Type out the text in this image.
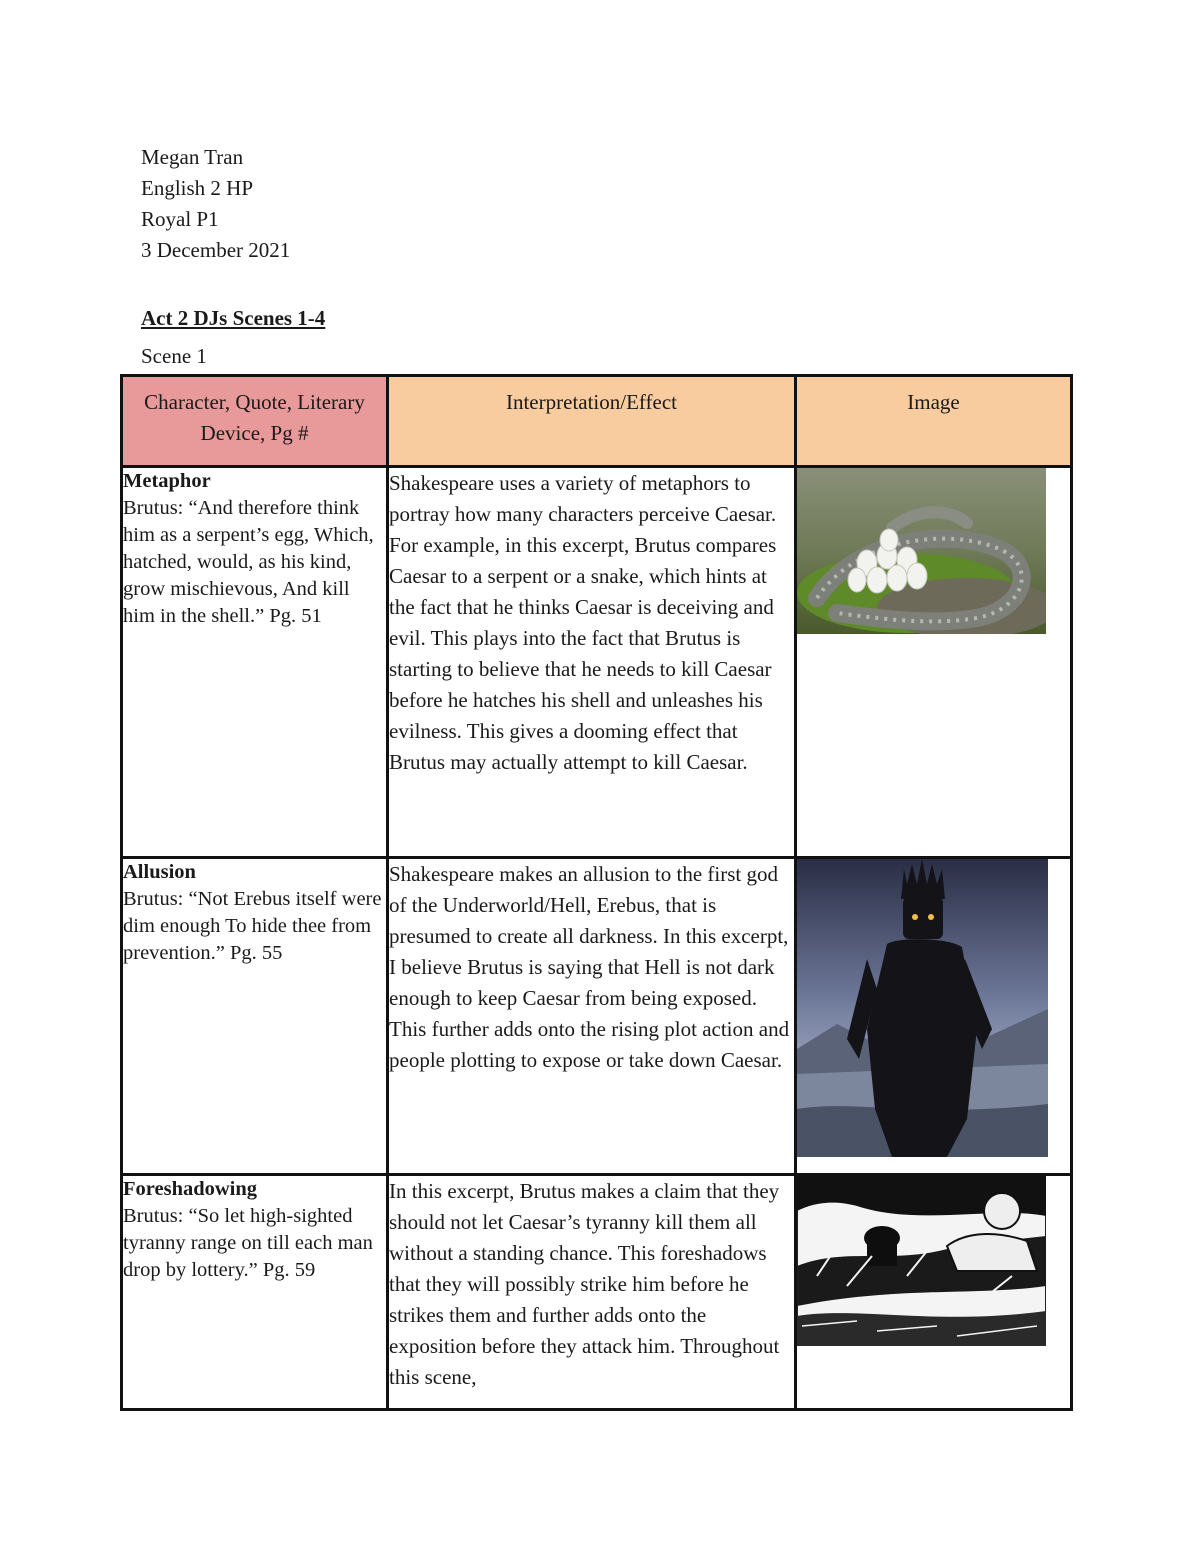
Megan Tran
English 2 HP
Royal P1
3 December 2021
Act 2 DJs Scenes 1-4
Scene 1
Character, Quote, Literary Device, Pg #	Interpretation/Effect	Image

Metaphor
Brutus: “And therefore think him as a serpent’s egg, Which, hatched, would, as his kind, grow mischievous, And kill him in the shell.” Pg. 51	Shakespeare uses a variety of metaphors to portray how many characters perceive Caesar. For example, in this excerpt, Brutus compares Caesar to a serpent or a snake, which hints at the fact that he thinks Caesar is deceiving and evil. This plays into the fact that Brutus is starting to believe that he needs to kill Caesar before he hatches his shell and unleashes his evilness. This gives a dooming effect that Brutus may actually attempt to kill Caesar.	

Allusion
Brutus: “Not Erebus itself were dim enough To hide thee from prevention.” Pg. 55	Shakespeare makes an allusion to the first god of the Underworld/Hell, Erebus, that is presumed to create all darkness. In this excerpt, I believe Brutus is saying that Hell is not dark enough to keep Caesar from being exposed. This further adds onto the rising plot action and people plotting to expose or take down Caesar.	

Foreshadowing
Brutus: “So let high-sighted tyranny range on till each man drop by lottery.” Pg. 59	In this excerpt, Brutus makes a claim that they should not let Caesar’s tyranny kill them all without a standing chance. This foreshadows that they will possibly strike him before he strikes them and further adds onto the exposition before they attack him. Throughout this scene,	
